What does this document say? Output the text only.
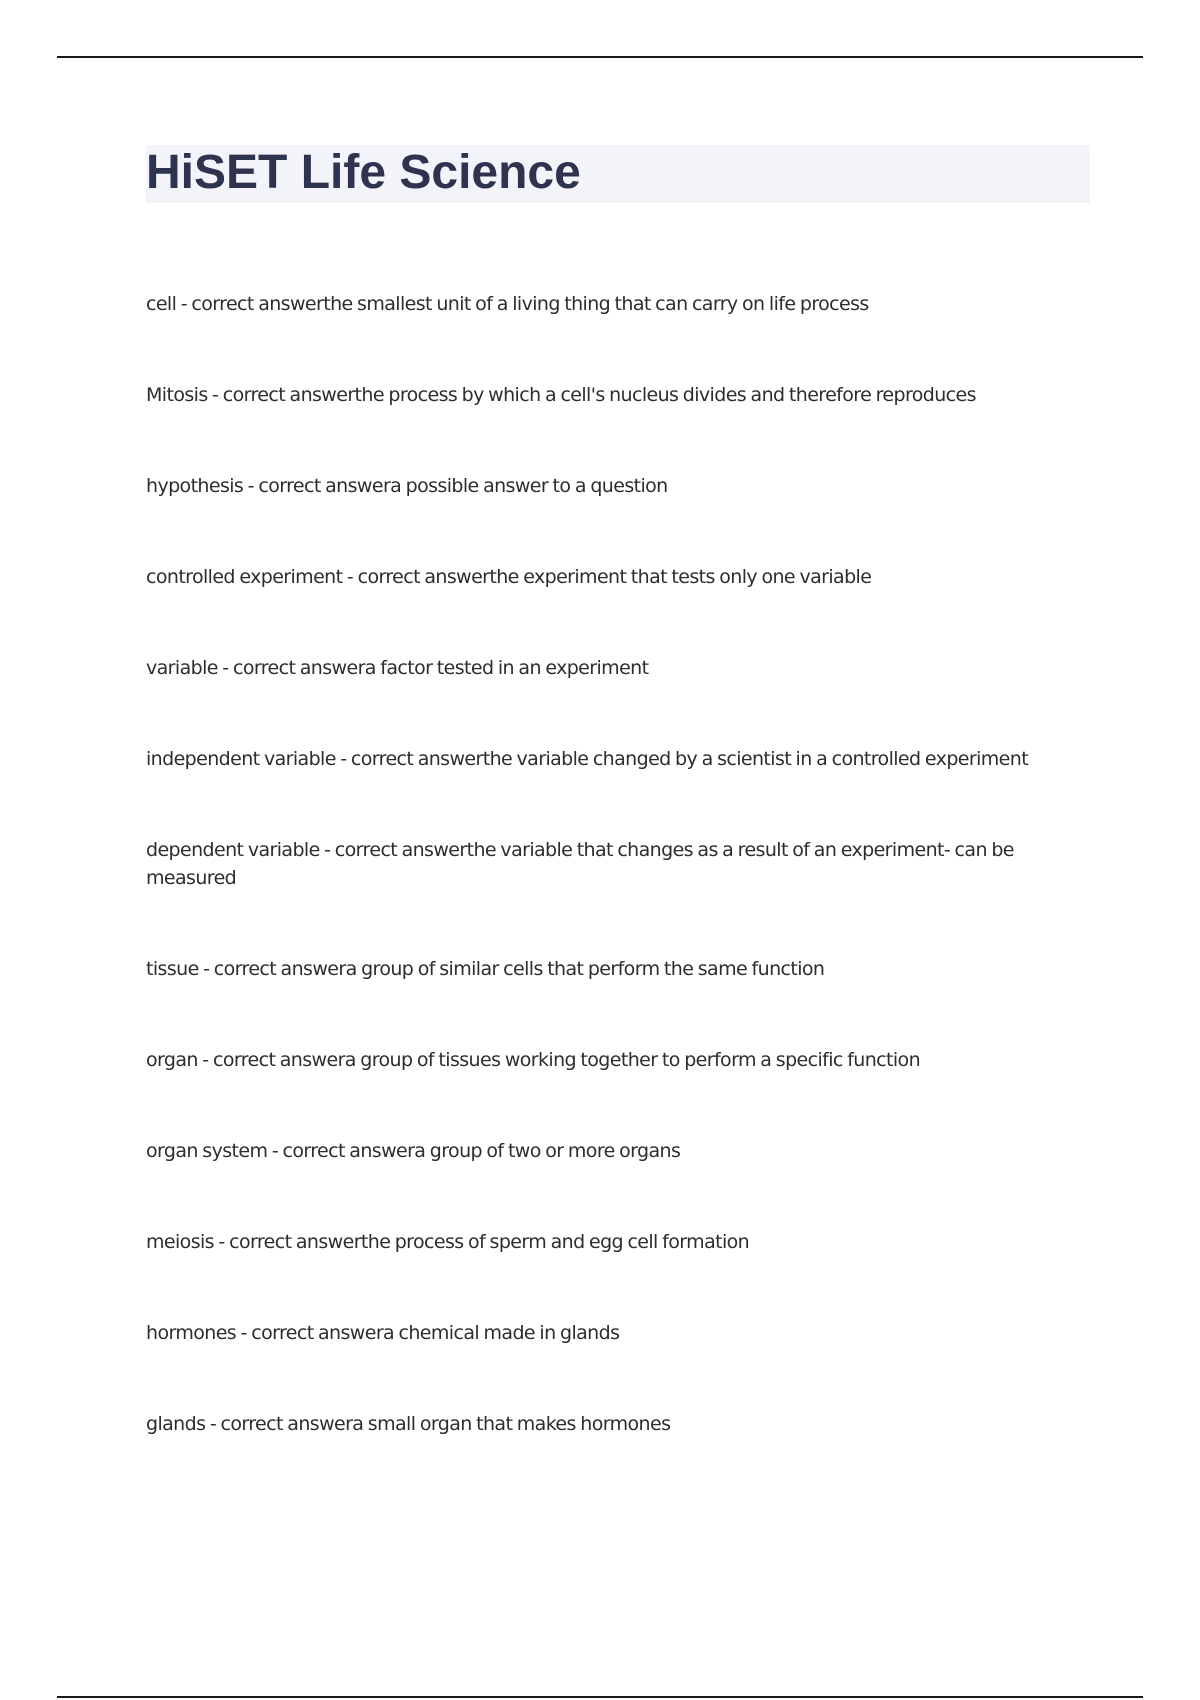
HiSET Life Science

cell - correct answerthe smallest unit of a living thing that can carry on life process

Mitosis - correct answerthe process by which a cell's nucleus divides and therefore reproduces

hypothesis - correct answera possible answer to a question

controlled experiment - correct answerthe experiment that tests only one variable

variable - correct answera factor tested in an experiment

independent variable - correct answerthe variable changed by a scientist in a controlled experiment

dependent variable - correct answerthe variable that changes as a result of an experiment- can be measured

tissue - correct answera group of similar cells that perform the same function

organ - correct answera group of tissues working together to perform a specific function

organ system - correct answera group of two or more organs

meiosis - correct answerthe process of sperm and egg cell formation

hormones - correct answera chemical made in glands

glands - correct answera small organ that makes hormones
